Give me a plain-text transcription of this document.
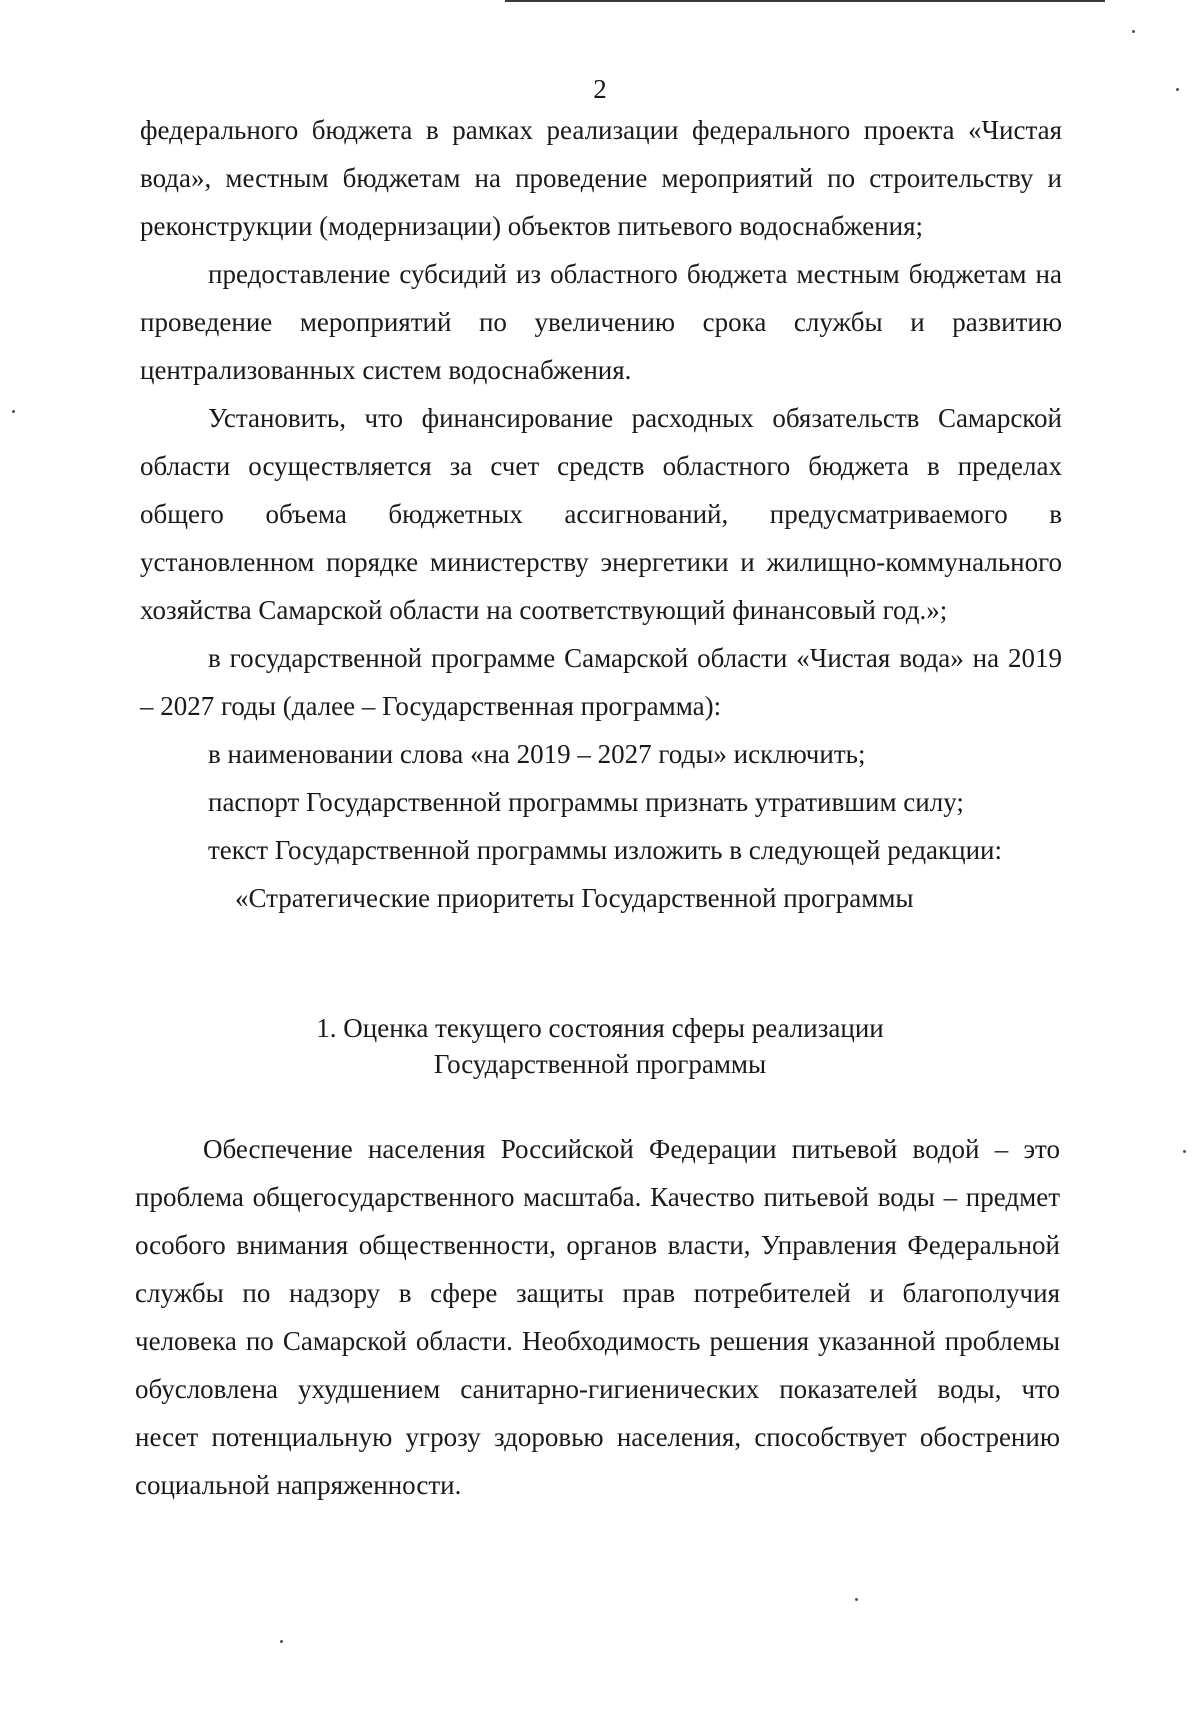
2

федерального бюджета в рамках реализации федерального проекта «Чистая вода», местным бюджетам на проведение мероприятий по строительству и реконструкции (модернизации) объектов питьевого водоснабжения;

предоставление субсидий из областного бюджета местным бюджетам на проведение мероприятий по увеличению срока службы и развитию централизованных систем водоснабжения.

Установить, что финансирование расходных обязательств Самарской области осуществляется за счет средств областного бюджета в пределах общего объема бюджетных ассигнований, предусматриваемого в установленном порядке министерству энергетики и жилищно-коммунального хозяйства Самарской области на соответствующий финансовый год.»;

в государственной программе Самарской области «Чистая вода» на 2019 – 2027 годы (далее – Государственная программа):

в наименовании слова «на 2019 – 2027 годы» исключить;

паспорт Государственной программы признать утратившим силу;

текст Государственной программы изложить в следующей редакции:

«Стратегические приоритеты Государственной программы

1. Оценка текущего состояния сферы реализации
Государственной программы

Обеспечение населения Российской Федерации питьевой водой – это проблема общегосударственного масштаба. Качество питьевой воды – предмет особого внимания общественности, органов власти, Управления Федеральной службы по надзору в сфере защиты прав потребителей и благополучия человека по Самарской области. Необходимость решения указанной проблемы обусловлена ухудшением санитарно-гигиенических показателей воды, что несет потенциальную угрозу здоровью населения, способствует обострению социальной напряженности.
